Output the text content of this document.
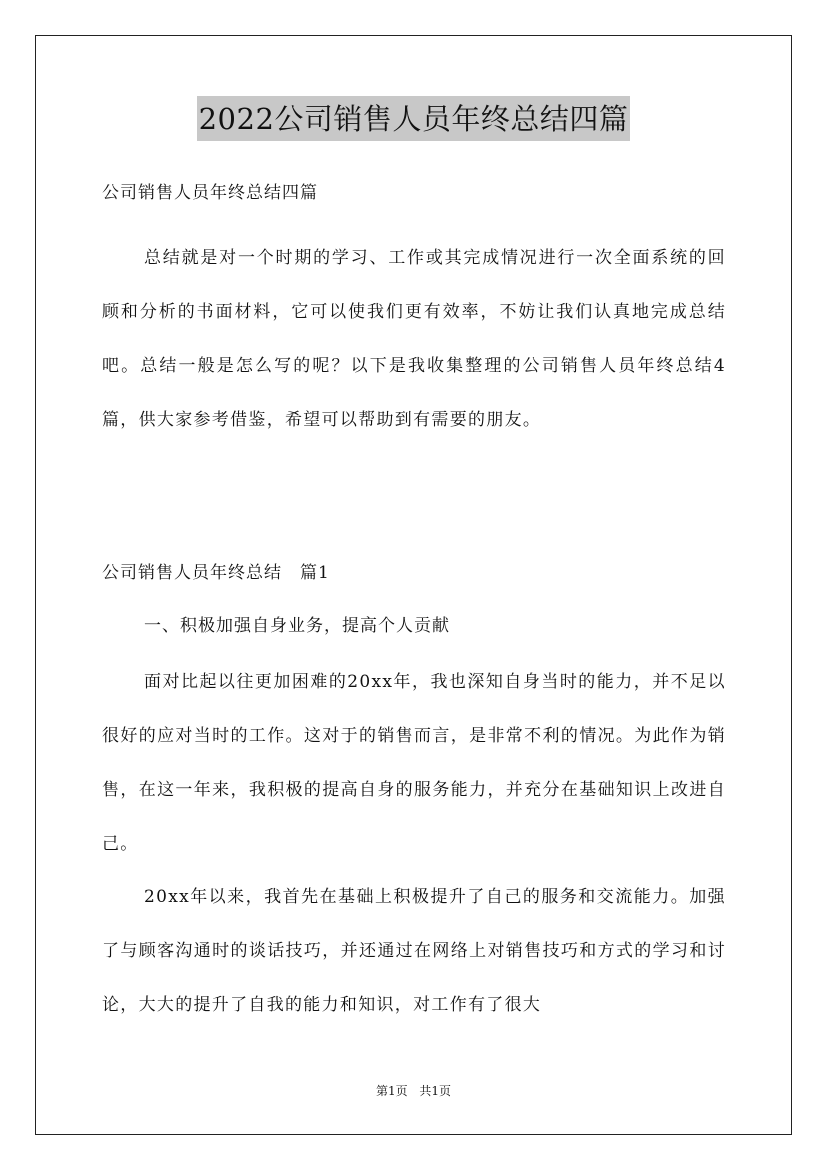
2022公司销售人员年终总结四篇
公司销售人员年终总结四篇
总结就是对一个时期的学习、工作或其完成情况进行一次全面系统的回顾和分析的书面材料，它可以使我们更有效率，不妨让我们认真地完成总结吧。总结一般是怎么写的呢？以下是我收集整理的公司销售人员年终总结4篇，供大家参考借鉴，希望可以帮助到有需要的朋友。
公司销售人员年终总结　篇1
一、积极加强自身业务，提高个人贡献
面对比起以往更加困难的20xx年，我也深知自身当时的能力，并不足以很好的应对当时的工作。这对于的销售而言，是非常不利的情况。为此作为销售，在这一年来，我积极的提高自身的服务能力，并充分在基础知识上改进自己。
20xx年以来，我首先在基础上积极提升了自己的服务和交流能力。加强了与顾客沟通时的谈话技巧，并还通过在网络上对销售技巧和方式的学习和讨论，大大的提升了自我的能力和知识，对工作有了很大
第1页 共1页
